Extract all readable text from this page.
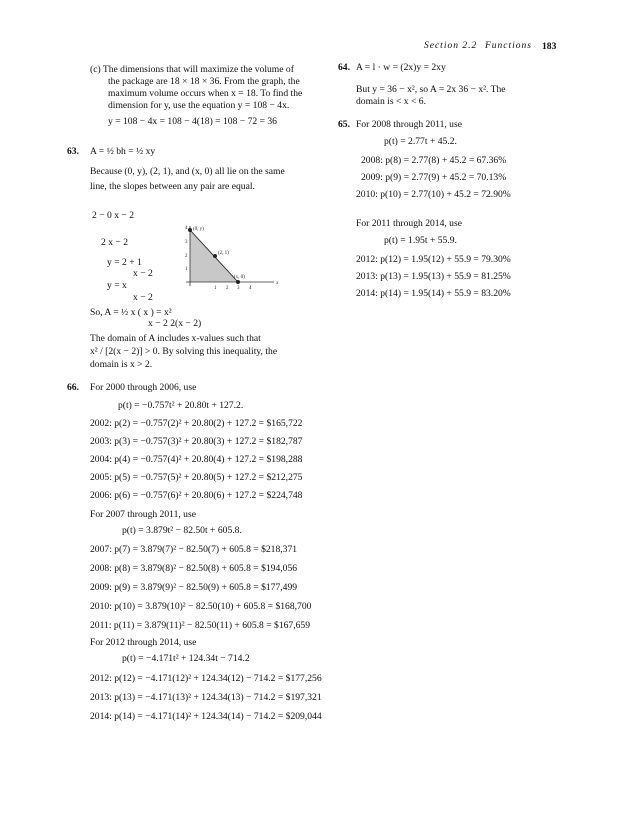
Section 2.2 Functions 183
(c) The dimensions that will maximize the volume of
the package are 18 × 18 × 36. From the graph, the
maximum volume occurs when x = 18. To find the
dimension for y, use the equation y = 108 − 4x.
y = 108 − 4x = 108 − 4(18) = 108 − 72 = 36
63. A = ½ bh = ½ xy
Because (0, y), (2, 1), and (x, 0) all lie on the same
line, the slopes between any pair are equal.
2 − 0 x − 2
2 x − 2
y = 2 + 1
x − 2
y = x
x − 2
So, A = ½ x ( x ) = x²
x − 2 2(x − 2)
The domain of A includes x-values such that
x² / [2(x − 2)] > 0. By solving this inequality, the
domain is x > 2.
(0, y)
(2, 1)
(x, 0)
x
4
3
2
1
1 2 3 4
64. A = l · w = (2x)y = 2xy
But y = 36 − x², so A = 2x 36 − x². The
domain is < x < 6.
65. For 2008 through 2011, use
p(t) = 2.77t + 45.2.
2008: p(8) = 2.77(8) + 45.2 = 67.36%
2009: p(9) = 2.77(9) + 45.2 = 70.13%
2010: p(10) = 2.77(10) + 45.2 = 72.90%
For 2011 through 2014, use
p(t) = 1.95t + 55.9.
2012: p(12) = 1.95(12) + 55.9 = 79.30%
2013: p(13) = 1.95(13) + 55.9 = 81.25%
2014: p(14) = 1.95(14) + 55.9 = 83.20%
66. For 2000 through 2006, use
p(t) = −0.757t² + 20.80t + 127.2.
2002: p(2) = −0.757(2)² + 20.80(2) + 127.2 = $165,722
2003: p(3) = −0.757(3)² + 20.80(3) + 127.2 = $182,787
2004: p(4) = −0.757(4)² + 20.80(4) + 127.2 = $198,288
2005: p(5) = −0.757(5)² + 20.80(5) + 127.2 = $212,275
2006: p(6) = −0.757(6)² + 20.80(6) + 127.2 = $224,748
For 2007 through 2011, use
p(t) = 3.879t² − 82.50t + 605.8.
2007: p(7) = 3.879(7)² − 82.50(7) + 605.8 = $218,371
2008: p(8) = 3.879(8)² − 82.50(8) + 605.8 = $194,056
2009: p(9) = 3.879(9)² − 82.50(9) + 605.8 = $177,499
2010: p(10) = 3.879(10)² − 82.50(10) + 605.8 = $168,700
2011: p(11) = 3.879(11)² − 82.50(11) + 605.8 = $167,659
For 2012 through 2014, use
p(t) = −4.171t² + 124.34t − 714.2
2012: p(12) = −4.171(12)² + 124.34(12) − 714.2 = $177,256
2013: p(13) = −4.171(13)² + 124.34(13) − 714.2 = $197,321
2014: p(14) = −4.171(14)² + 124.34(14) − 714.2 = $209,044
